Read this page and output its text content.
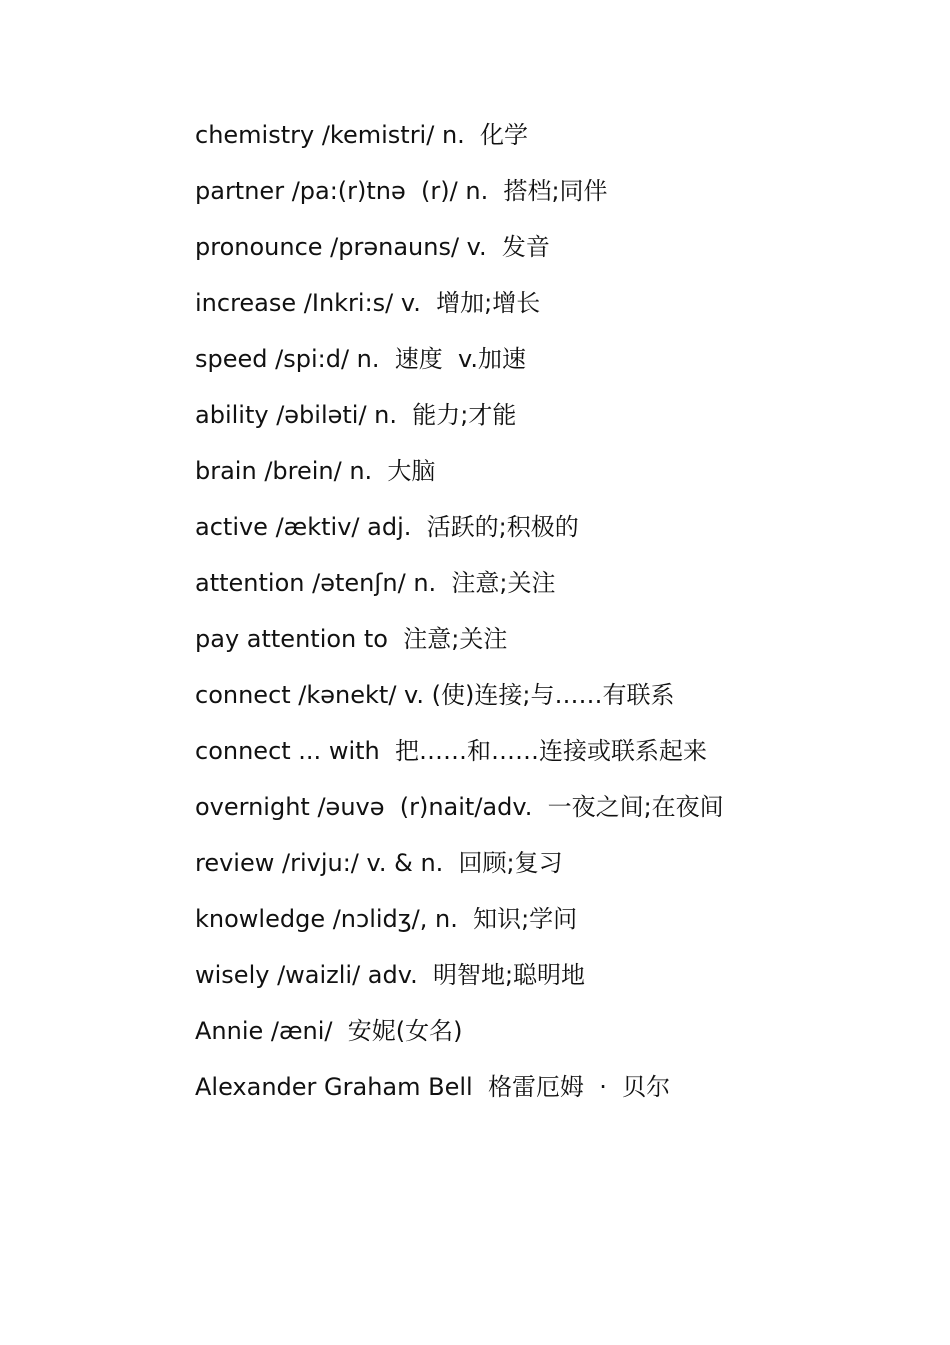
chemistry /kemistri/ n.  化学
partner /pa:(r)tnə  (r)/ n.  搭档;同伴
pronounce /prənauns/ v.  发音
increase /Inkri:s/ v.  增加;增长
speed /spi:d/ n.  速度  v.加速
ability /əbiləti/ n.  能力;才能
brain /brein/ n.  大脑
active /æktiv/ adj.  活跃的;积极的
attention /ətenʃn/ n.  注意;关注
pay attention to  注意;关注
connect /kənekt/ v. (使)连接;与……有联系
connect ... with  把……和……连接或联系起来
overnight /əuvə  (r)nait/adv.  一夜之间;在夜间
review /rivju:/ v. & n.  回顾;复习
knowledge /nɔlidʒ/, n.  知识;学问
wisely /waizli/ adv.  明智地;聪明地
Annie /æni/  安妮(女名)
Alexander Graham Bell  格雷厄姆  ·  贝尔
